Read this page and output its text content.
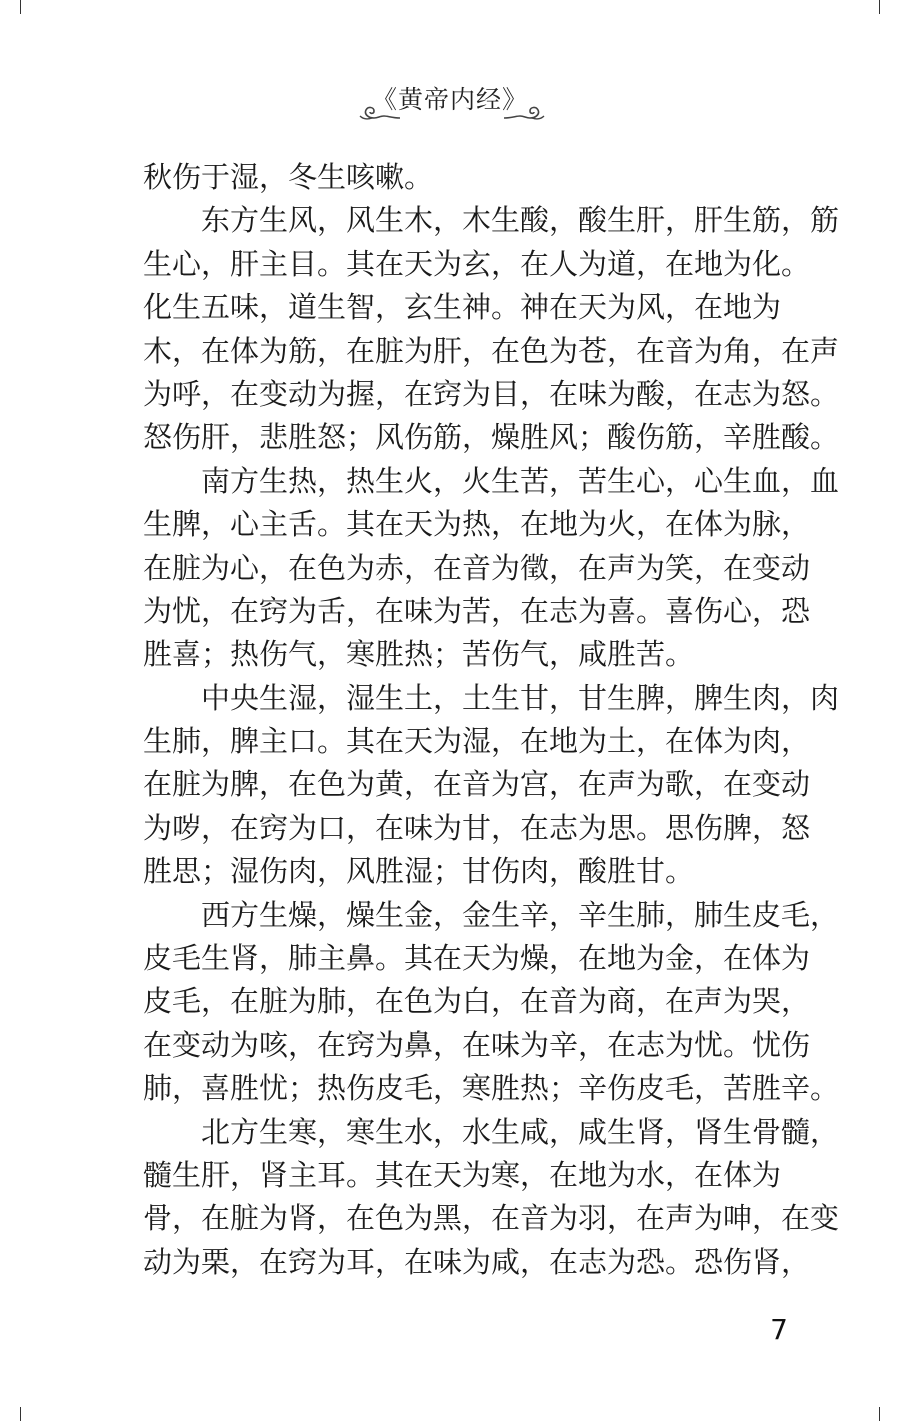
《黄帝内经》
秋伤于湿，冬生咳嗽。
东方生风，风生木，木生酸，酸生肝，肝生筋，筋
生心，肝主目。其在天为玄，在人为道，在地为化。
化生五味，道生智，玄生神。神在天为风，在地为
木，在体为筋，在脏为肝，在色为苍，在音为角，在声
为呼，在变动为握，在窍为目，在味为酸，在志为怒。
怒伤肝，悲胜怒；风伤筋，燥胜风；酸伤筋，辛胜酸。
南方生热，热生火，火生苦，苦生心，心生血，血
生脾，心主舌。其在天为热，在地为火，在体为脉，
在脏为心，在色为赤，在音为徵，在声为笑，在变动
为忧，在窍为舌，在味为苦，在志为喜。喜伤心，恐
胜喜；热伤气，寒胜热；苦伤气，咸胜苦。
中央生湿，湿生土，土生甘，甘生脾，脾生肉，肉
生肺，脾主口。其在天为湿，在地为土，在体为肉，
在脏为脾，在色为黄，在音为宫，在声为歌，在变动
为哕，在窍为口，在味为甘，在志为思。思伤脾，怒
胜思；湿伤肉，风胜湿；甘伤肉，酸胜甘。
西方生燥，燥生金，金生辛，辛生肺，肺生皮毛，
皮毛生肾，肺主鼻。其在天为燥，在地为金，在体为
皮毛，在脏为肺，在色为白，在音为商，在声为哭，
在变动为咳，在窍为鼻，在味为辛，在志为忧。忧伤
肺，喜胜忧；热伤皮毛，寒胜热；辛伤皮毛，苦胜辛。
北方生寒，寒生水，水生咸，咸生肾，肾生骨髓，
髓生肝，肾主耳。其在天为寒，在地为水，在体为
骨，在脏为肾，在色为黑，在音为羽，在声为呻，在变
动为栗，在窍为耳，在味为咸，在志为恐。恐伤肾，
7
